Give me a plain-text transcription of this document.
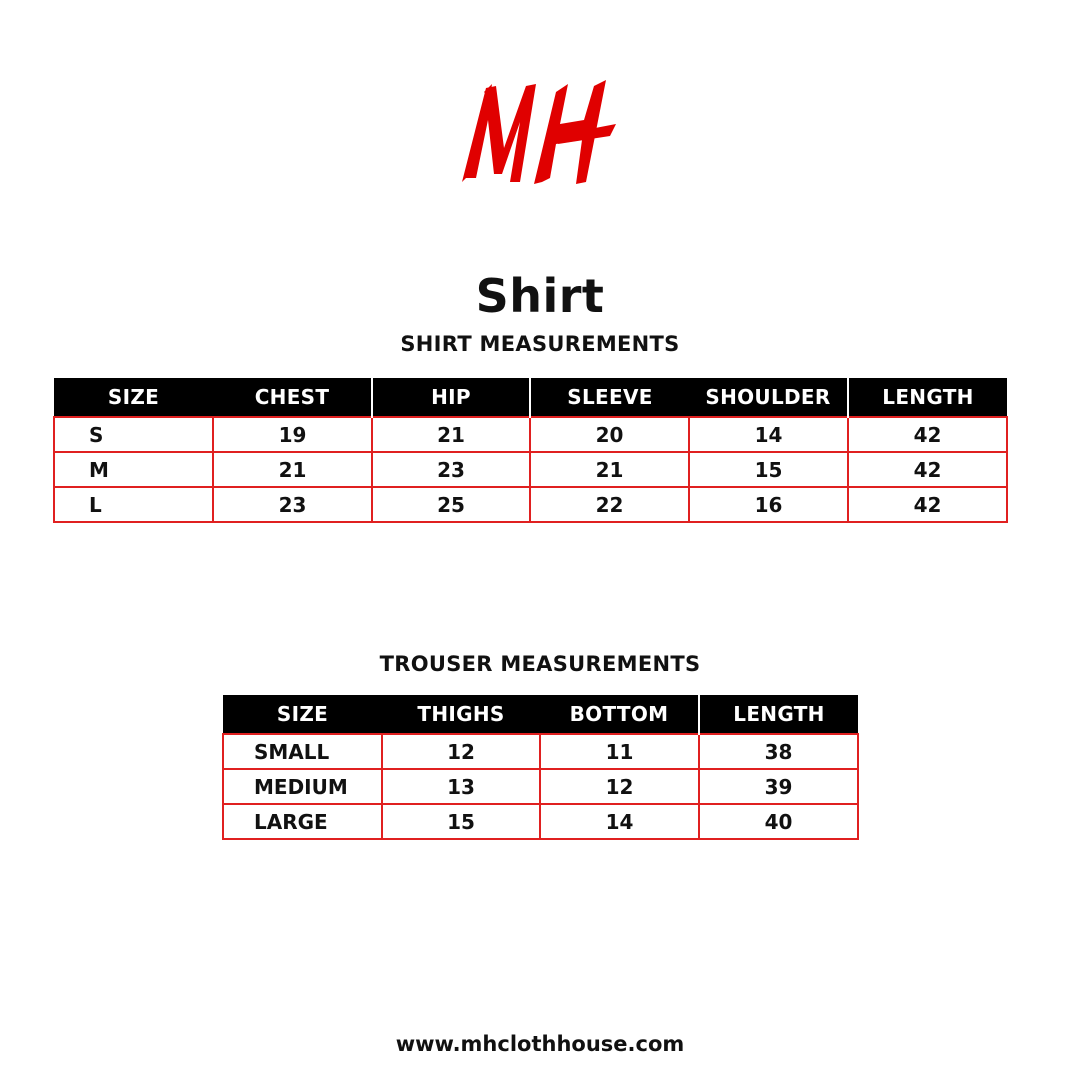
Shirt
SHIRT MEASUREMENTS
SIZE	CHEST	HIP	SLEEVE	SHOULDER	LENGTH
S	19	21	20	14	42
M	21	23	21	15	42
L	23	25	22	16	42
TROUSER MEASUREMENTS
SIZE	THIGHS	BOTTOM	LENGTH
SMALL	12	11	38
MEDIUM	13	12	39
LARGE	15	14	40
www.mhclothhouse.com
